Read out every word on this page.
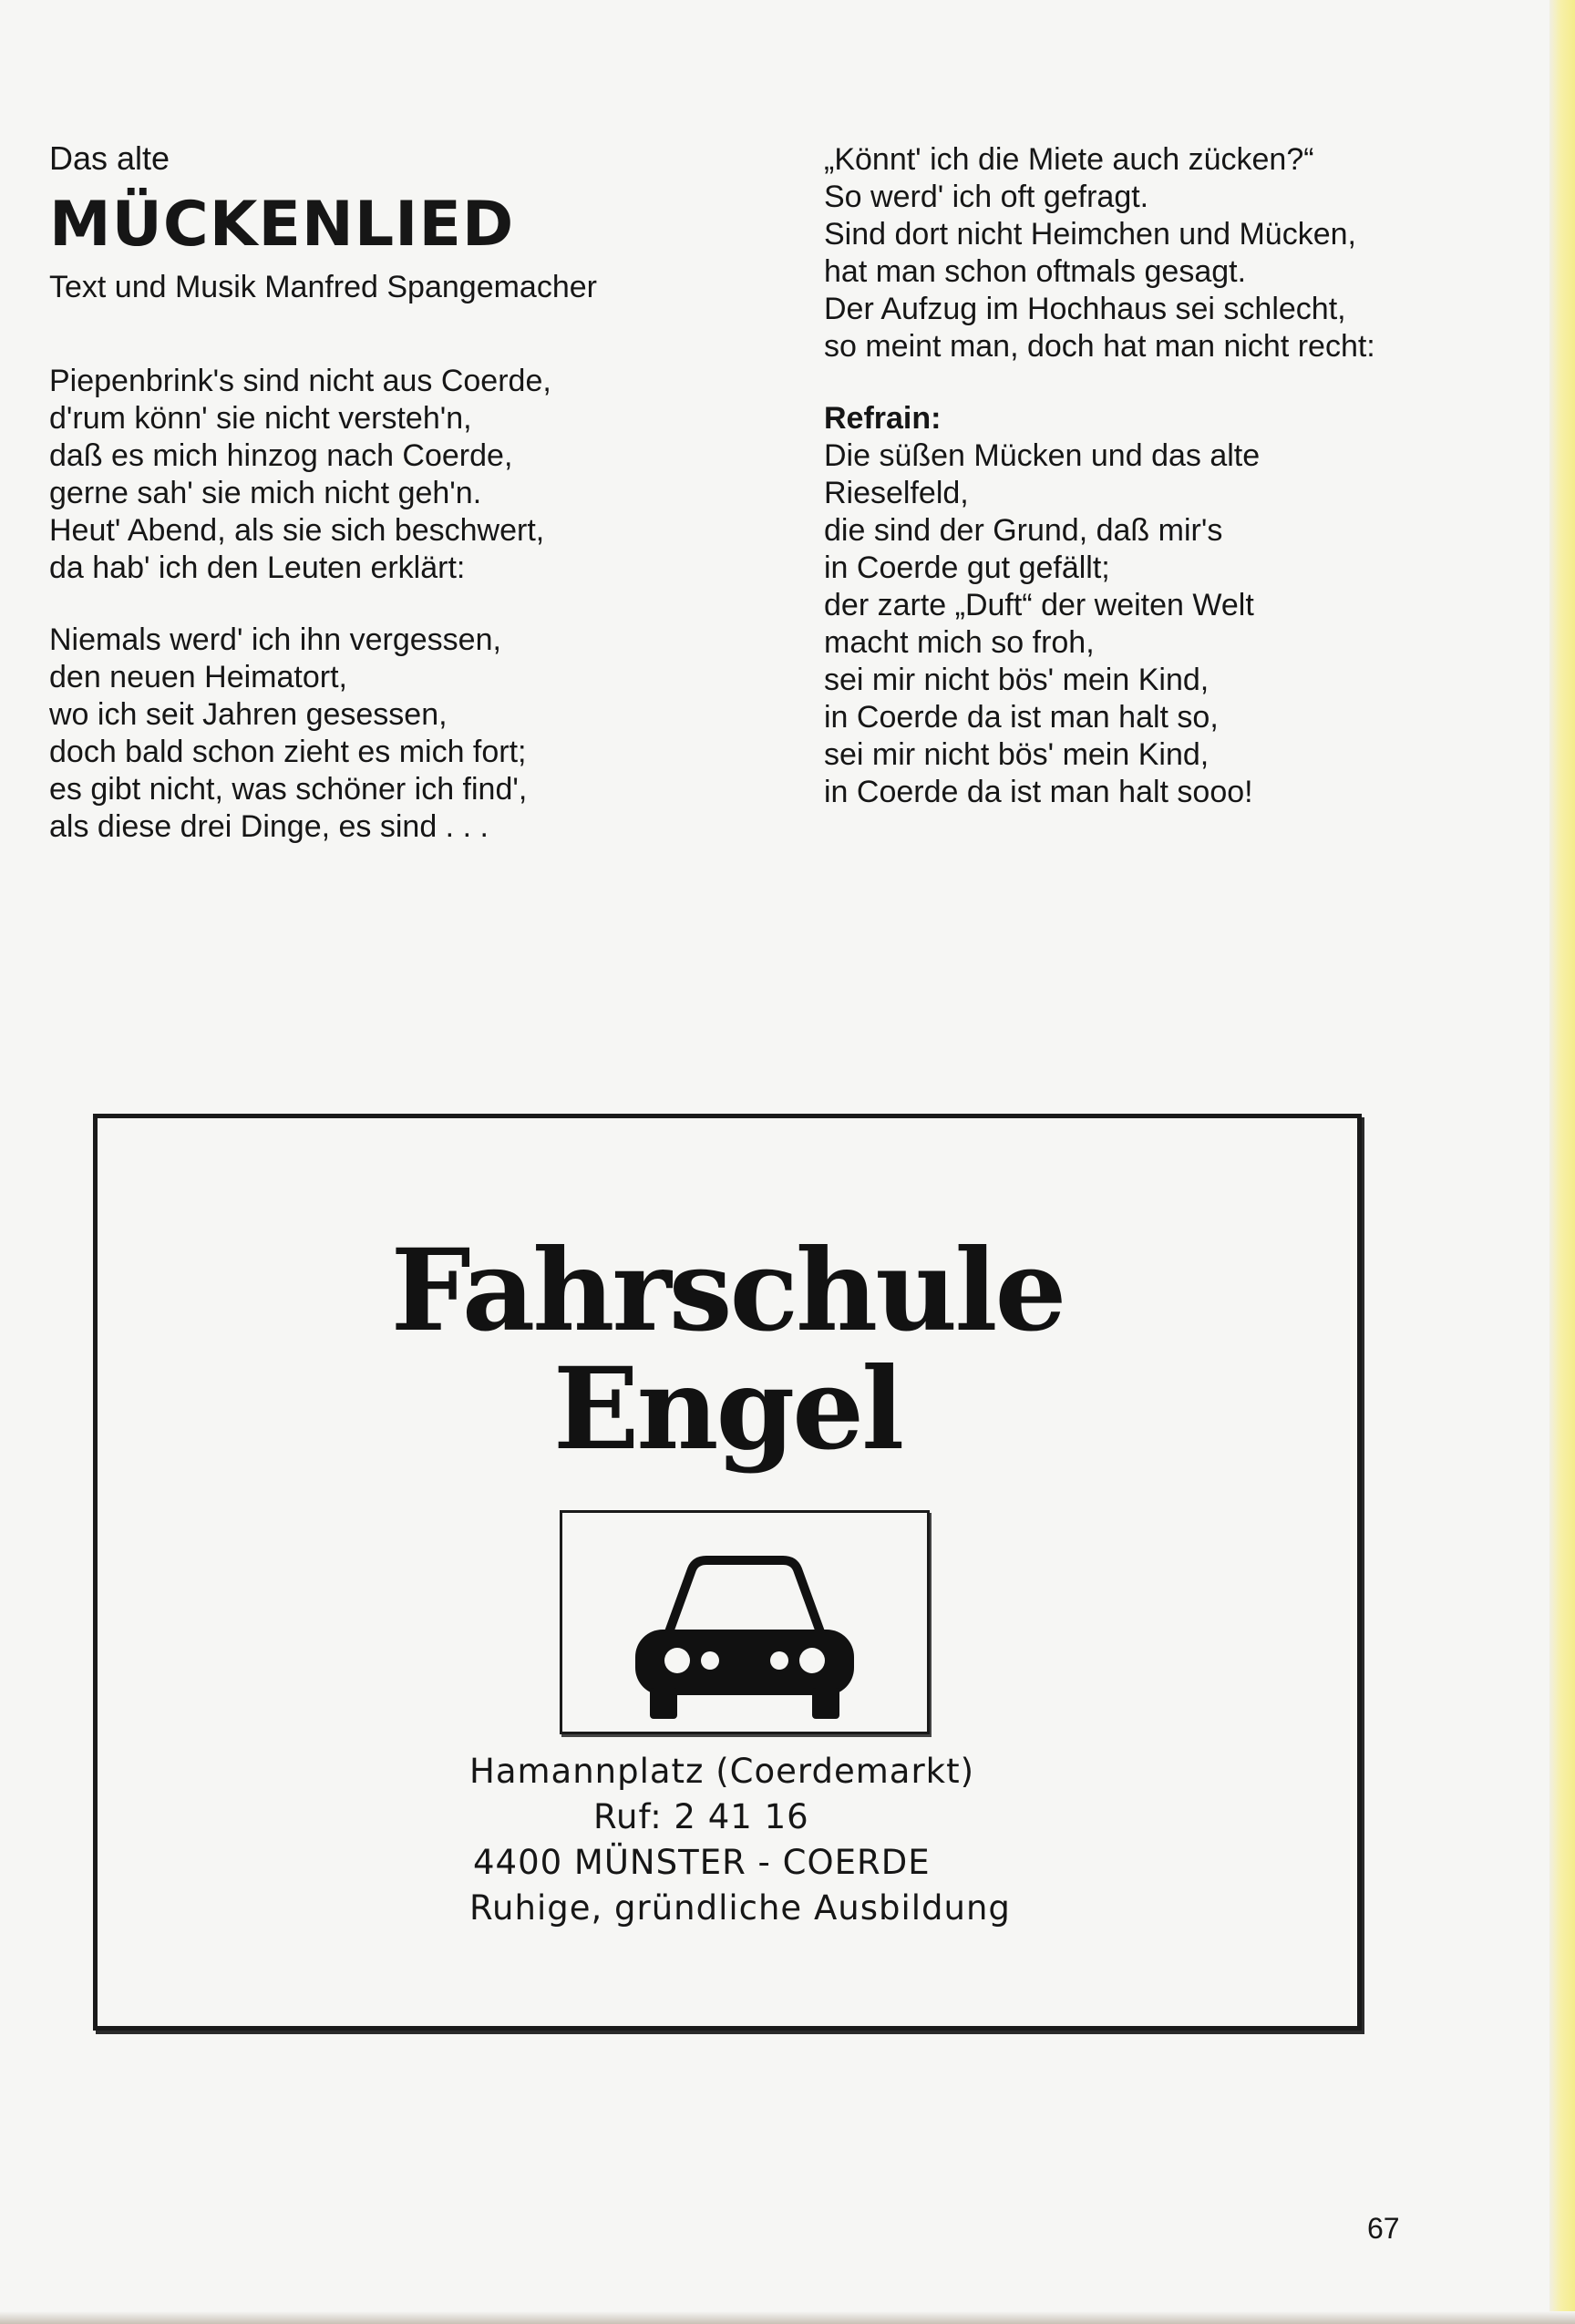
Das alte

MÜCKENLIED

Text und Musik Manfred Spangemacher

Piepenbrink's sind nicht aus Coerde,
d'rum könn' sie nicht versteh'n,
daß es mich hinzog nach Coerde,
gerne sah' sie mich nicht geh'n.
Heut' Abend, als sie sich beschwert,
da hab' ich den Leuten erklärt:
Niemals werd' ich ihn vergessen,
den neuen Heimatort,
wo ich seit Jahren gesessen,
doch bald schon zieht es mich fort;
es gibt nicht, was schöner ich find',
als diese drei Dinge, es sind . . .
„Könnt' ich die Miete auch zücken?“
So werd' ich oft gefragt.
Sind dort nicht Heimchen und Mücken,
hat man schon oftmals gesagt.
Der Aufzug im Hochhaus sei schlecht,
so meint man, doch hat man nicht recht:
Refrain:
Die süßen Mücken und das alte
Rieselfeld,
die sind der Grund, daß mir's
in Coerde gut gefällt;
der zarte „Duft“ der weiten Welt
macht mich so froh,
sei mir nicht bös' mein Kind,
in Coerde da ist man halt so,
sei mir nicht bös' mein Kind,
in Coerde da ist man halt sooo!

Fahrschule

Engel

Hamannplatz (Coerdemarkt)

Ruf: 2 41 16

4400 MÜNSTER - COERDE

Ruhige, gründliche Ausbildung

67
